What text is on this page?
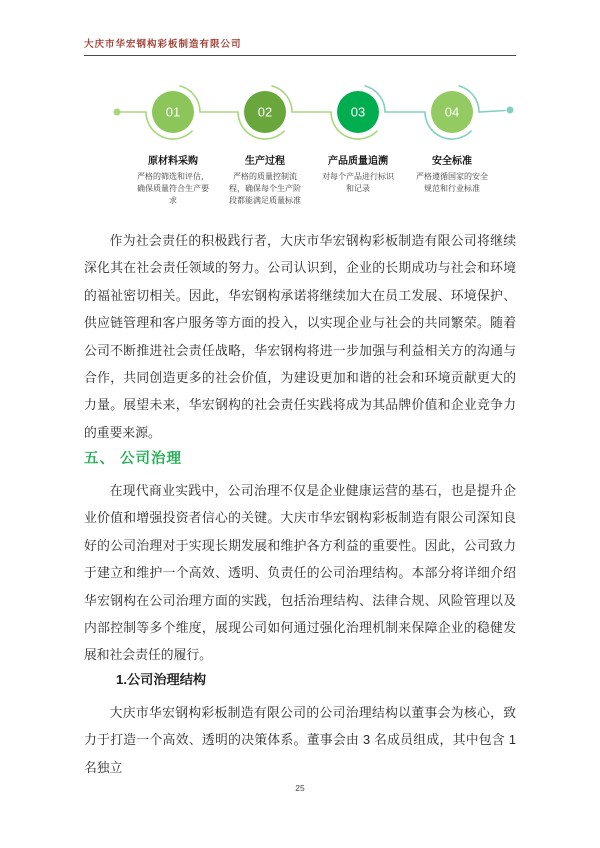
大庆市华宏钢构彩板制造有限公司
01	02	03	04
原材料采购
严格的筛选和评估，确保质量符合生产要求
生产过程
严格的质量控制流程，确保每个生产阶段都能满足质量标准
产品质量追溯
对每个产品进行标识和记录
安全标准
严格遵循国家的安全规范和行业标准

作为社会责任的积极践行者，大庆市华宏钢构彩板制造有限公司将继续深化其在社会责任领域的努力。公司认识到，企业的长期成功与社会和环境的福祉密切相关。因此，华宏钢构承诺将继续加大在员工发展、环境保护、供应链管理和客户服务等方面的投入，以实现企业与社会的共同繁荣。随着公司不断推进社会责任战略，华宏钢构将进一步加强与利益相关方的沟通与合作，共同创造更多的社会价值，为建设更加和谐的社会和环境贡献更大的力量。展望未来，华宏钢构的社会责任实践将成为其品牌价值和企业竞争力的重要来源。

五、 公司治理

在现代商业实践中，公司治理不仅是企业健康运营的基石，也是提升企业价值和增强投资者信心的关键。大庆市华宏钢构彩板制造有限公司深知良好的公司治理对于实现长期发展和维护各方利益的重要性。因此，公司致力于建立和维护一个高效、透明、负责任的公司治理结构。本部分将详细介绍华宏钢构在公司治理方面的实践，包括治理结构、法律合规、风险管理以及内部控制等多个维度，展现公司如何通过强化治理机制来保障企业的稳健发展和社会责任的履行。

1.公司治理结构

大庆市华宏钢构彩板制造有限公司的公司治理结构以董事会为核心，致力于打造一个高效、透明的决策体系。董事会由 3 名成员组成，其中包含 1 名独立

25
